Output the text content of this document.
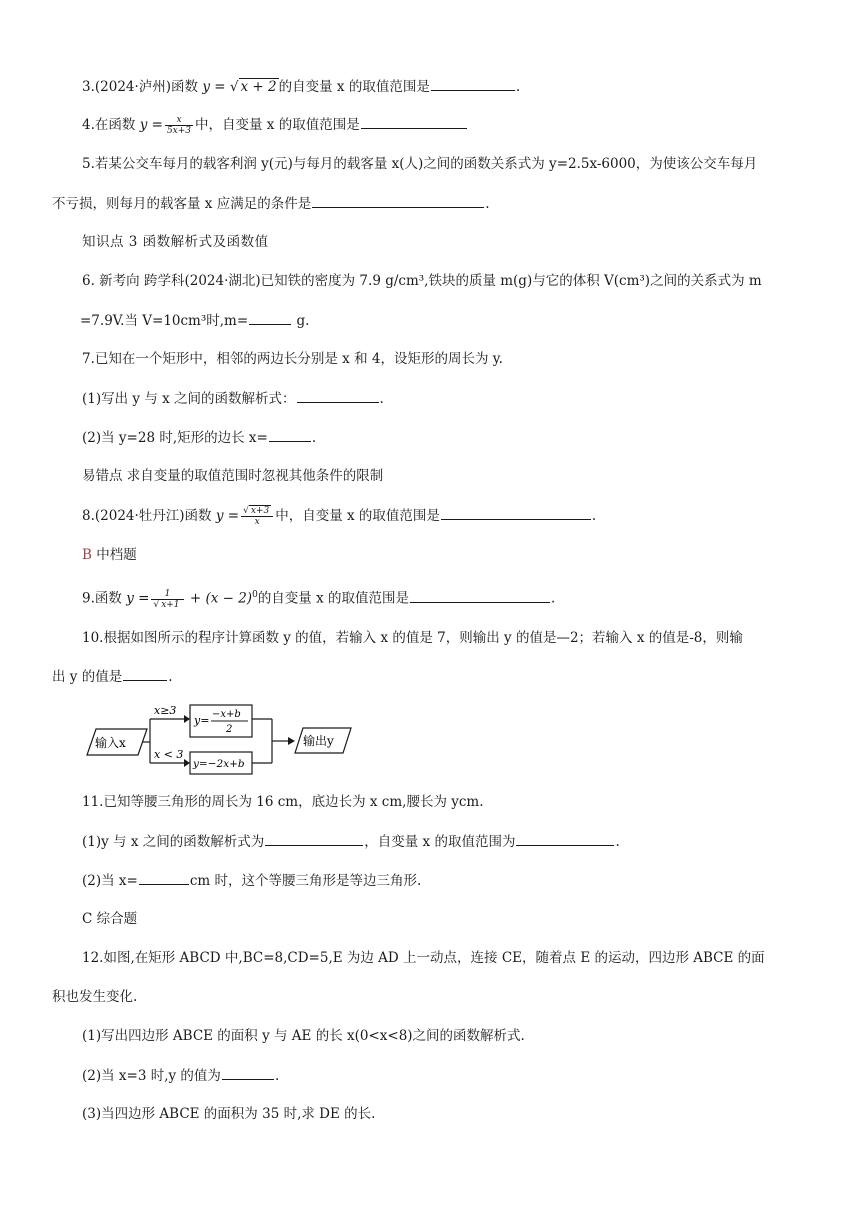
3.(2024·泸州)函数 y = √ x + 2 的自变量 x 的取值范围是	.
4.在函数 $y = \frac{x}{5x+3}$ 中，自变量 x 的取值范围是
5.若某公交车每月的载客利润 y(元)与每月的载客量 x(人)之间的函数关系式为 y=2.5x-6000，为使该公交车每月
不亏损，则每月的载客量 x 应满足的条件是	.
知识点 3 函数解析式及函数值
6. 新考向 跨学科(2024·湖北)已知铁的密度为 7.9 g/cm³,铁块的质量 m(g)与它的体积 V(cm³)之间的关系式为 m
=7.9V.当 V=10cm³时,m=	g.
7.已知在一个矩形中，相邻的两边长分别是 x 和 4，设矩形的周长为 y.
(1)写出 y 与 x 之间的函数解析式：	.
(2)当 y=28 时,矩形的边长 x=	.
易错点 求自变量的取值范围时忽视其他条件的限制
8.(2024·牡丹江)函数 $y = \frac{√ x+3}{x}$ 中，自变量 x 的取值范围是	.
B 中档题
9.函数 $y = \frac{1}{√ x+1} + (x - 2)^0$的自变量 x 的取值范围是	.
10.根据如图所示的程序计算函数 y 的值，若输入 x 的值是 7，则输出 y 的值是—2；若输入 x 的值是-8，则输
出 y 的值是	.
输入x
x≥3
x < 3
y= −x+b
2
y=−2x+b
输出y
11.已知等腰三角形的周长为 16 cm，底边长为 x cm,腰长为 ycm.
(1)y 与 x 之间的函数解析式为	，自变量 x 的取值范围为	.
(2)当 x=	cm 时，这个等腰三角形是等边三角形.
C 综合题
12.如图,在矩形 ABCD 中,BC=8,CD=5,E 为边 AD 上一动点，连接 CE，随着点 E 的运动，四边形 ABCE 的面
积也发生变化.
(1)写出四边形 ABCE 的面积 y 与 AE 的长 x(0<x<8)之间的函数解析式.
(2)当 x=3 时,y 的值为	.
(3)当四边形 ABCE 的面积为 35 时,求 DE 的长.
